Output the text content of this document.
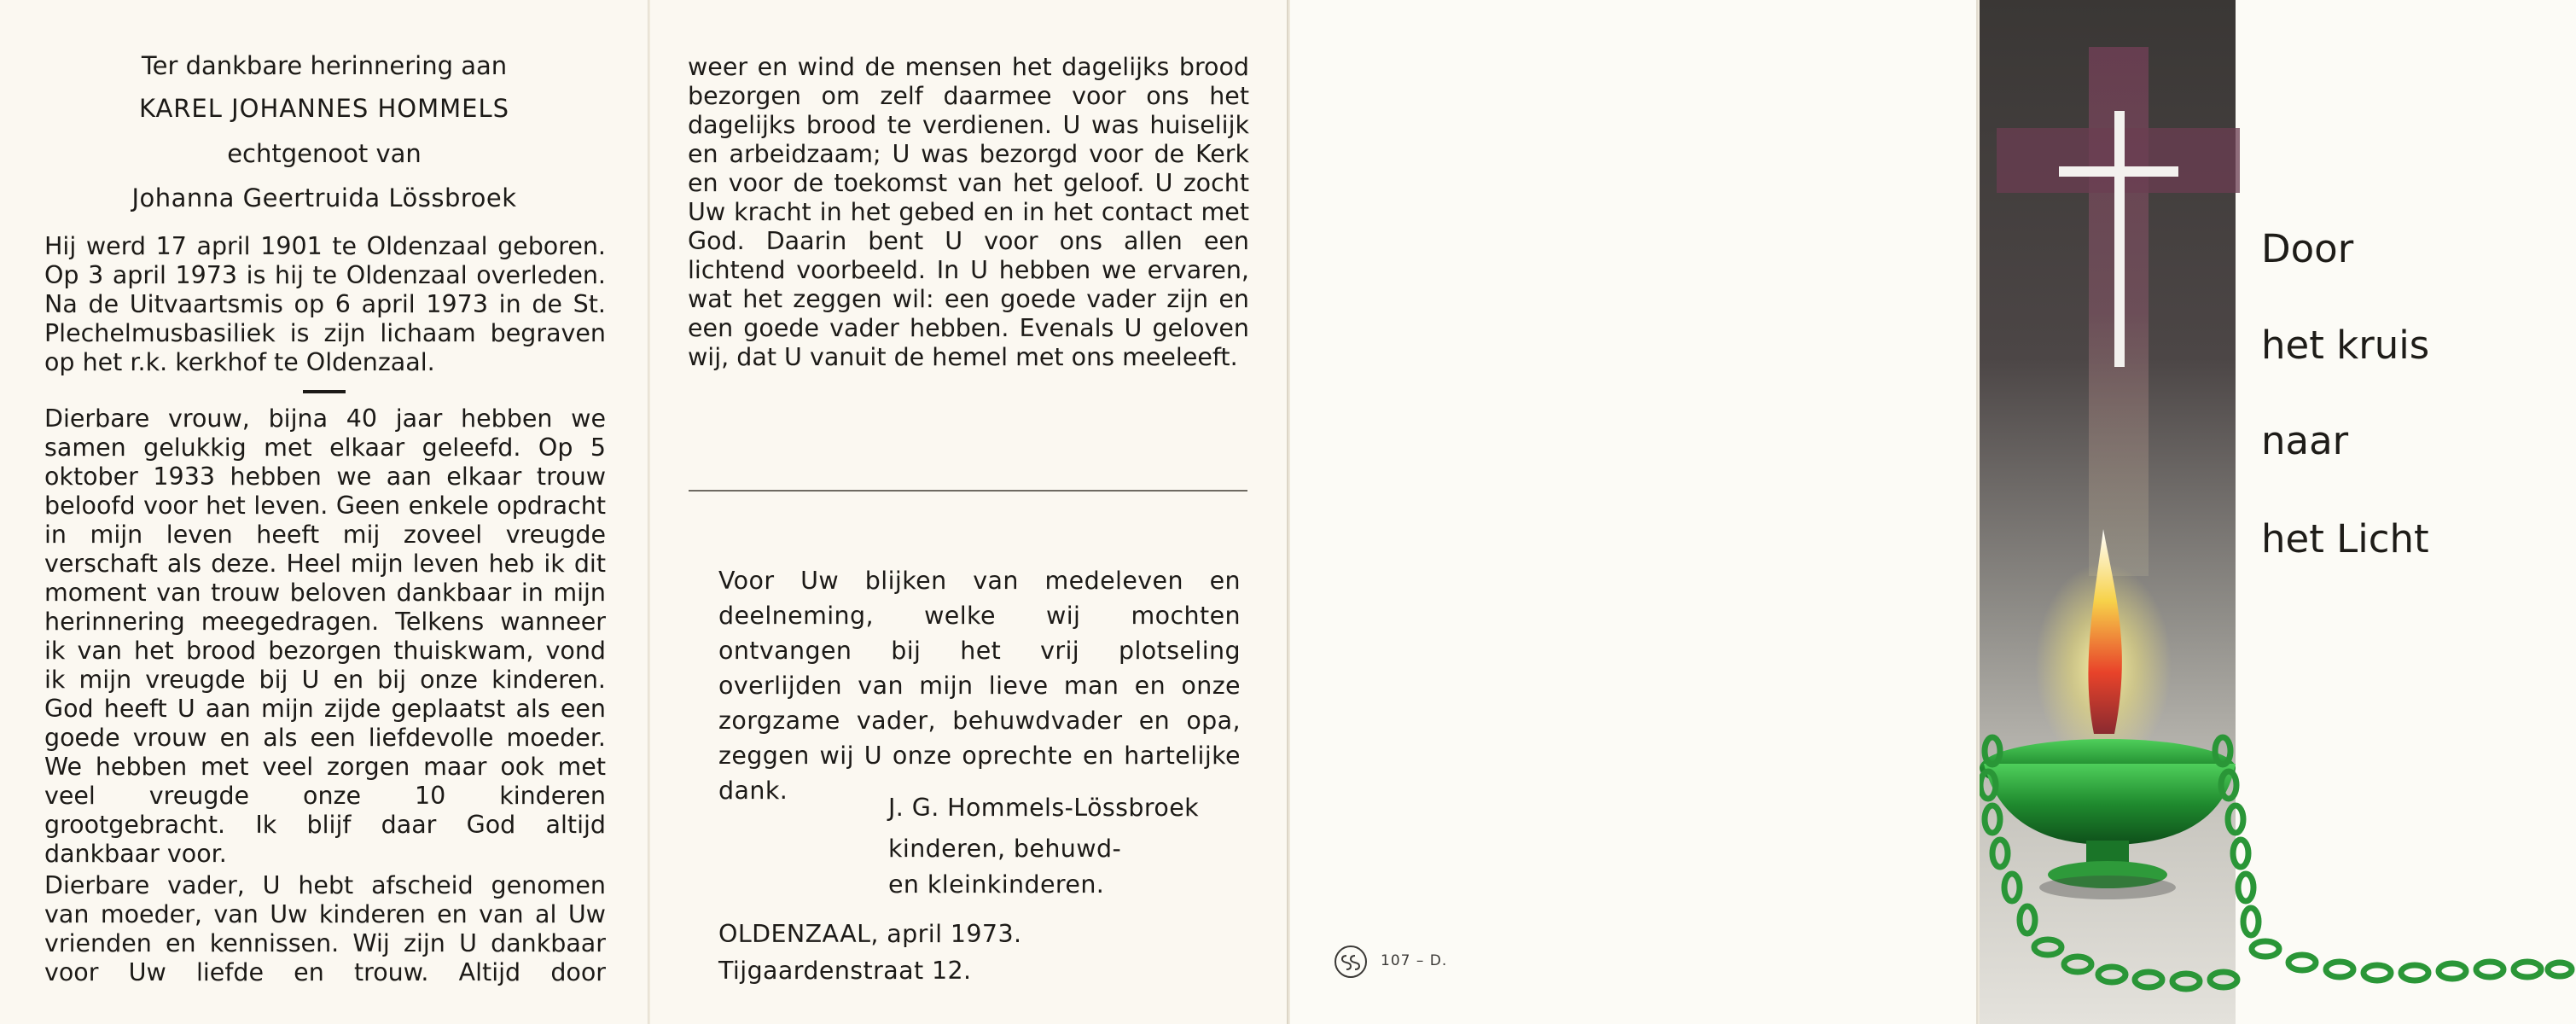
Ter dankbare herinnering aan
KAREL JOHANNES HOMMELS
echtgenoot van
Johanna Geertruida Lössbroek
Hij werd 17 april 1901 te Oldenzaal geboren. Op 3 april 1973 is hij te Oldenzaal overleden. Na de Uitvaartsmis op 6 april 1973 in de St. Plechelmusbasiliek is zijn lichaam begraven op het r.k. kerkhof te Oldenzaal.
Dierbare vrouw, bijna 40 jaar hebben we samen gelukkig met elkaar geleefd. Op 5 oktober 1933 hebben we aan elkaar trouw beloofd voor het leven. Geen enkele opdracht in mijn leven heeft mij zoveel vreugde verschaft als deze. Heel mijn leven heb ik dit moment van trouw beloven dankbaar in mijn herinnering meegedragen. Telkens wanneer ik van het brood bezorgen thuiskwam, vond ik mijn vreugde bij U en bij onze kinderen. God heeft U aan mijn zijde geplaatst als een goede vrouw en als een liefdevolle moeder. We hebben met veel zorgen maar ook met veel vreugde onze 10 kinderen grootgebracht. Ik blijf daar God altijd dankbaar voor.
Dierbare vader, U hebt afscheid genomen van moeder, van Uw kinderen en van al Uw vrienden en kennissen. Wij zijn U dankbaar voor Uw liefde en trouw. Altijd door
weer en wind de mensen het dagelijks brood bezorgen om zelf daarmee voor ons het dagelijks brood te verdienen. U was huiselijk en arbeidzaam; U was bezorgd voor de Kerk en voor de toekomst van het geloof. U zocht Uw kracht in het gebed en in het contact met God. Daarin bent U voor ons allen een lichtend voorbeeld. In U hebben we ervaren, wat het zeggen wil: een goede vader zijn en een goede vader hebben. Evenals U geloven wij, dat U vanuit de hemel met ons meeleeft.
Voor Uw blijken van medeleven en deelneming, welke wij mochten ontvangen bij het vrij plotseling overlijden van mijn lieve man en onze zorgzame vader, behuwdvader en opa, zeggen wij U onze oprechte en hartelijke dank.
J. G. Hommels-Lössbroek
kinderen, behuwd-
en kleinkinderen.
OLDENZAAL, april 1973.
Tijgaardenstraat 12.	107 – D.
Door
het kruis
naar
het Licht
